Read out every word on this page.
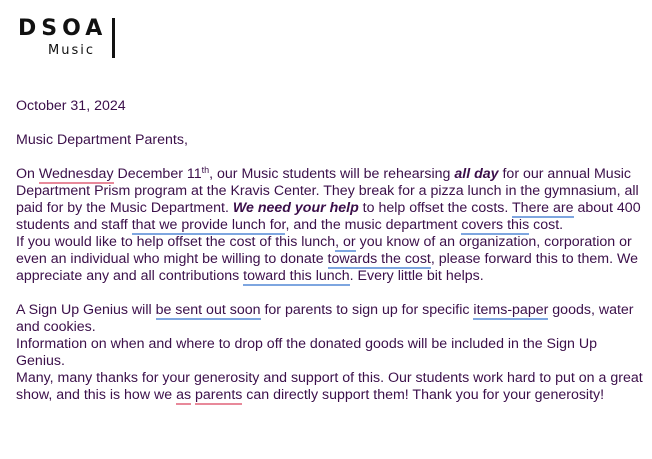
DSOA
Music

October 31, 2024

Music Department Parents,

On Wednesday December 11th, our Music students will be rehearsing all day for our annual Music Department Prism program at the Kravis Center. They break for a pizza lunch in the gymnasium, all paid for by the Music Department. We need your help to help offset the costs. There are about 400 students and staff that we provide lunch for, and the music department covers this cost.

If you would like to help offset the cost of this lunch, or you know of an organization, corporation or even an individual who might be willing to donate towards the cost, please forward this to them. We appreciate any and all contributions toward this lunch. Every little bit helps.

A Sign Up Genius will be sent out soon for parents to sign up for specific items-paper goods, water and cookies.

Information on when and where to drop off the donated goods will be included in the Sign Up Genius.

Many, many thanks for your generosity and support of this. Our students work hard to put on a great show, and this is how we as parents can directly support them! Thank you for your generosity!
